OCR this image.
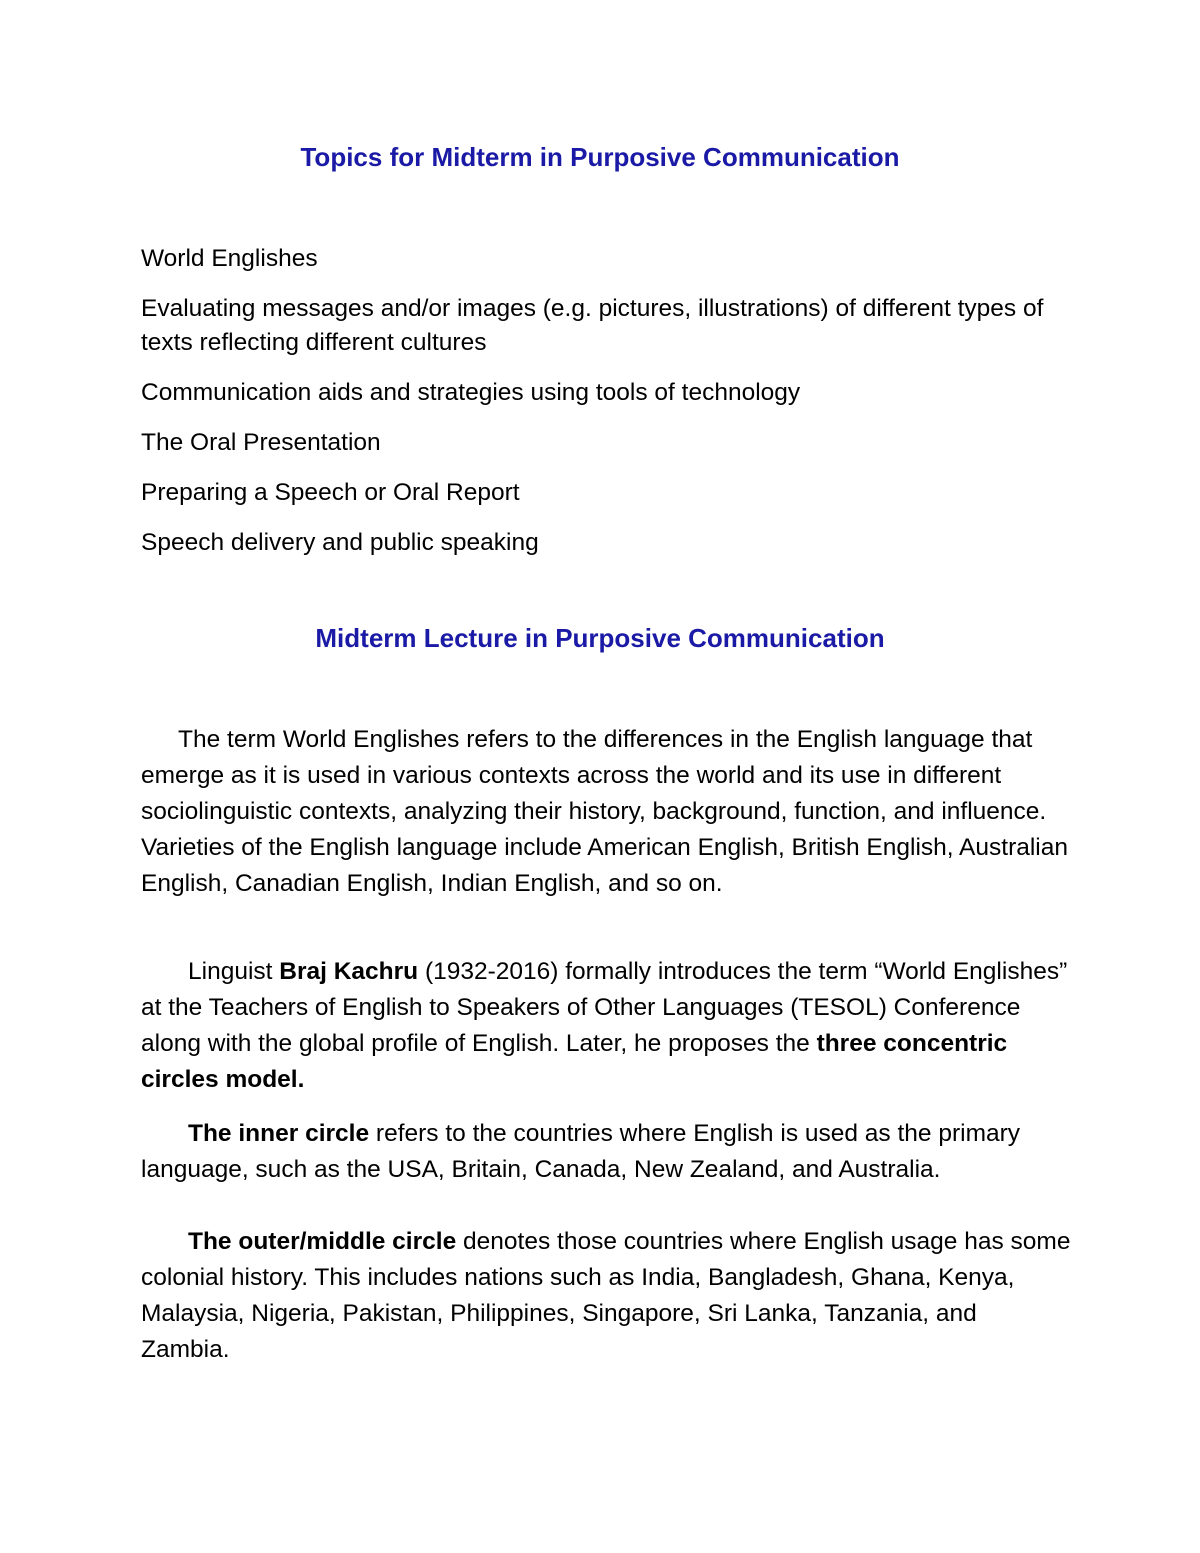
Topics for Midterm in Purposive Communication
World Englishes
Evaluating messages and/or images (e.g. pictures, illustrations) of different types of texts reflecting different cultures
Communication aids and strategies using tools of technology
The Oral Presentation
Preparing a Speech or Oral Report
Speech delivery and public speaking
Midterm Lecture in Purposive Communication

The term World Englishes refers to the differences in the English language that emerge as it is used in various contexts across the world and its use in different sociolinguistic contexts, analyzing their history, background, function, and influence. Varieties of the English language include American English, British English, Australian English, Canadian English, Indian English, and so on.

Linguist Braj Kachru (1932-2016) formally introduces the term “World Englishes” at the Teachers of English to Speakers of Other Languages (TESOL) Conference along with the global profile of English. Later, he proposes the three concentric circles model.

The inner circle refers to the countries where English is used as the primary language, such as the USA, Britain, Canada, New Zealand, and Australia.

The outer/middle circle denotes those countries where English usage has some colonial history. This includes nations such as India, Bangladesh, Ghana, Kenya, Malaysia, Nigeria, Pakistan, Philippines, Singapore, Sri Lanka, Tanzania, and Zambia.
